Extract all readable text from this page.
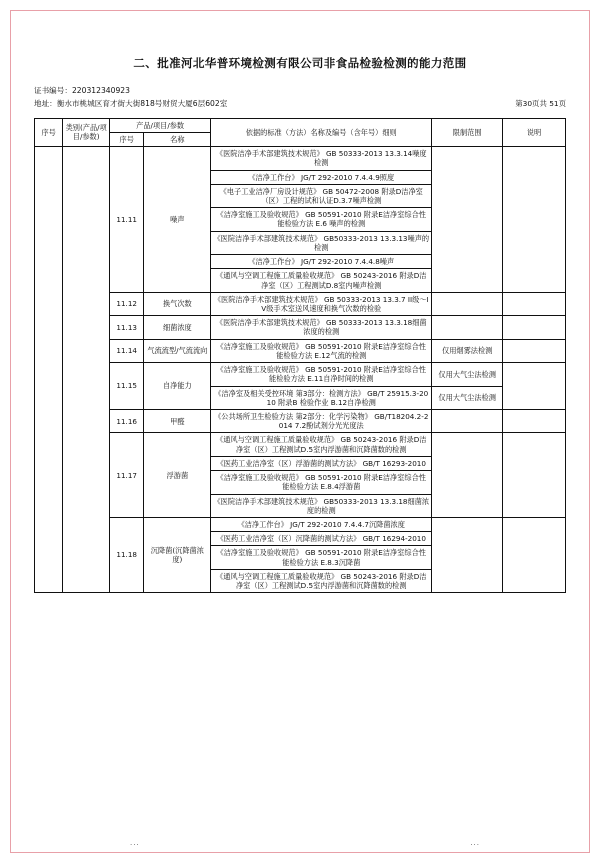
二、批准河北华普环境检测有限公司非食品检验检测的能力范围
证书编号：220312340923
地址：衡水市桃城区育才街大街818号财贸大厦6层602室	第30页共 51页
序号	类别(产品/项目/参数)	产品/项目/参数		依据的标准（方法）名称及编号（含年号）细则	限制范围	说明
		序号	名称			
		11.11	噪声	《医院洁净手术部建筑技术规范》 GB 50333-2013 13.3.14噪度检测		
				《洁净工作台》 JG/T 292-2010 7.4.4.9照度		
				《电子工业洁净厂房设计规范》 GB 50472-2008 附录D洁净室（区）工程的试和认证D.3.7噪声检测		
				《洁净室施工及验收规范》 GB 50591-2010 附录E洁净室综合性能检验方法 E.6 噪声的检测		
				《医院洁净手术部建筑技术规范》 GB50333-2013 13.3.13噪声的检测		
				《洁净工作台》 JG/T 292-2010 7.4.4.8噪声		
				《通风与空调工程施工质量验收规范》 GB 50243-2016 附录D洁净室（区）工程测试D.8室内噪声检测		
		11.12	换气次数	《医院洁净手术部建筑技术规范》 GB 50333-2013 13.3.7 II级～IV级手术室送风速度和换气次数的检验		
		11.13	细菌浓度	《医院洁净手术部建筑技术规范》 GB 50333-2013 13.3.18细菌浓度的检测		
		11.14	气流流型/气流流向	《洁净室施工及验收规范》 GB 50591-2010 附录E洁净室综合性能检验方法 E.12气流的检测	仅用烟雾法检测	
		11.15	自净能力	《洁净室施工及验收规范》 GB 50591-2010 附录E洁净室综合性能检验方法 E.11自净时间的检测	仅用大气尘法检测	
				《洁净室及相关受控环境 第3部分：检测方法》 GB/T 25915.3-2010 附录B 检验作业 B.12自净检测	仅用大气尘法检测	
		11.16	甲醛	《公共场所卫生检验方法 第2部分：化学污染物》 GB/T18204.2-2014 7.2酚试剂分光光度法		
		11.17	浮游菌	《通风与空调工程施工质量验收规范》 GB 50243-2016 附录D洁净室（区）工程测试D.5室内浮游菌和沉降菌数的检测		
				《医药工业洁净室（区）浮游菌的测试方法》 GB/T 16293-2010		
				《洁净室施工及验收规范》 GB 50591-2010 附录E洁净室综合性能检验方法 E.8.4浮游菌		
				《医院洁净手术部建筑技术规范》 GB50333-2013 13.3.18细菌浓度的检测		
		11.18	沉降菌(沉降菌浓度)	《洁净工作台》 JG/T 292-2010 7.4.4.7沉降菌浓度		
				《医药工业洁净室（区）沉降菌的测试方法》 GB/T 16294-2010		
				《洁净室施工及验收规范》 GB 50591-2010 附录E洁净室综合性能检验方法 E.8.3沉降菌		
				《通风与空调工程施工质量验收规范》 GB 50243-2016 附录D洁净室（区）工程测试D.5室内浮游菌和沉降菌数的检测		
···	···
